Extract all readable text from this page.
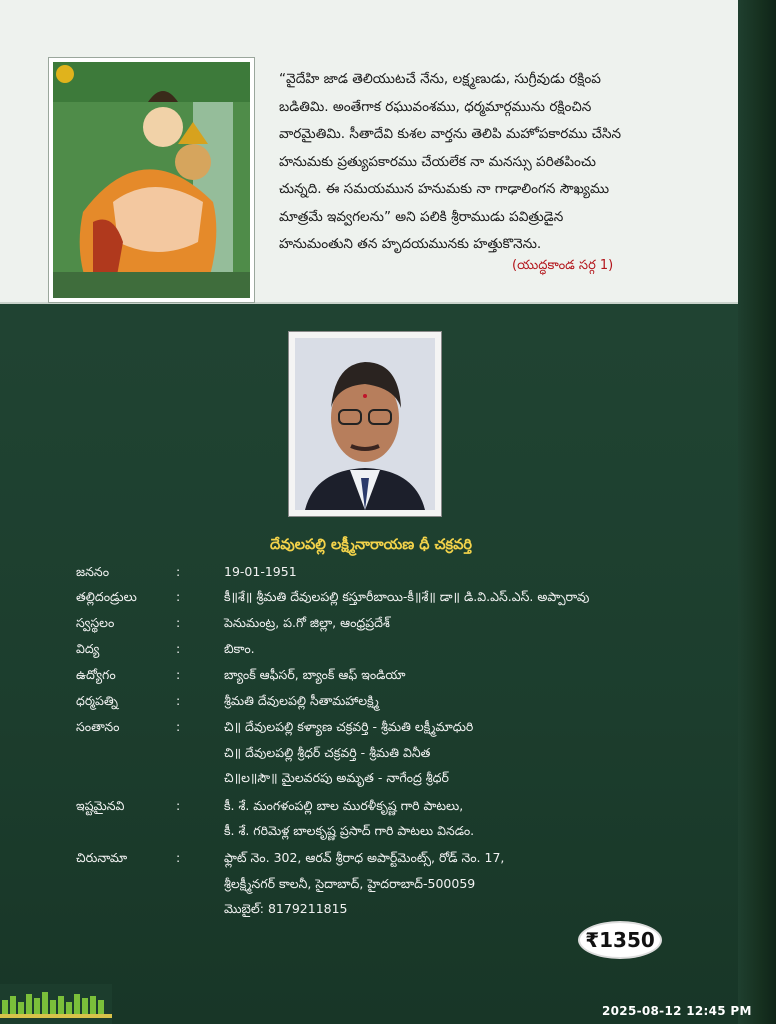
“వైదేహి జాడ తెలియుటచే నేను, లక్ష్మణుడు, సుగ్రీవుడు రక్షింప
బడితిమి. అంతేగాక రఘువంశము, ధర్మమార్గమును రక్షించిన
వారమైతిమి. సీతాదేవి కుశల వార్తను తెలిపి మహోపకారము చేసిన
హనుమకు ప్రత్యుపకారము చేయలేక నా మనస్సు పరితపించు
చున్నది. ఈ సమయమున హనుమకు నా గాఢాలింగన సౌఖ్యము
మాత్రమే ఇవ్వగలను” అని పలికి శ్రీరాముడు పవిత్రుడైన
హనుమంతుని తన హృదయమునకు హత్తుకొనెను.
(యుద్ధకాండ సర్గ 1)
దేవులపల్లి లక్ష్మీనారాయణ ధీ చక్రవర్తి
జననం	:	19-01-1951
తల్లిదండ్రులు	:	కీ॥శే॥ శ్రీమతి దేవులపల్లి కస్తూరీబాయి-కీ॥శే॥ డా॥ డి.వి.ఎస్.ఎస్. అప్పారావు
స్వస్థలం	:	పెనుమంట్ర, ప.గో జిల్లా, ఆంధ్రప్రదేశ్
విద్య	:	బికాం.
ఉద్యోగం	:	బ్యాంక్ ఆఫీసర్, బ్యాంక్ ఆఫ్ ఇండియా
ధర్మపత్ని	:	శ్రీమతి దేవులపల్లి సీతామహాలక్ష్మి
సంతానం	:	చి॥ దేవులపల్లి కళ్యాణ చక్రవర్తి - శ్రీమతి లక్ష్మీమాధురి
చి॥ దేవులపల్లి శ్రీధర్ చక్రవర్తి - శ్రీమతి వినీత
చి॥ల॥సౌ॥ మైలవరపు అమృత - నాగేంద్ర శ్రీధర్
ఇష్టమైనవి	:	కీ. శే. మంగళంపల్లి బాల మురళీకృష్ణ గారి పాటలు,
కీ. శే. గరిమెళ్ల బాలకృష్ణ ప్రసాద్ గారి పాటలు వినడం.
చిరునామా	:	ఫ్లాట్ నెం. 302, ఆరవ్ శ్రీరాధ అపార్ట్‌మెంట్స్, రోడ్ నెం. 17,
శ్రీలక్ష్మీనగర్ కాలనీ, సైదాబాద్, హైదరాబాద్-500059
మొబైల్: 8179211815
₹1350
2025-08-12 12:45 PM
